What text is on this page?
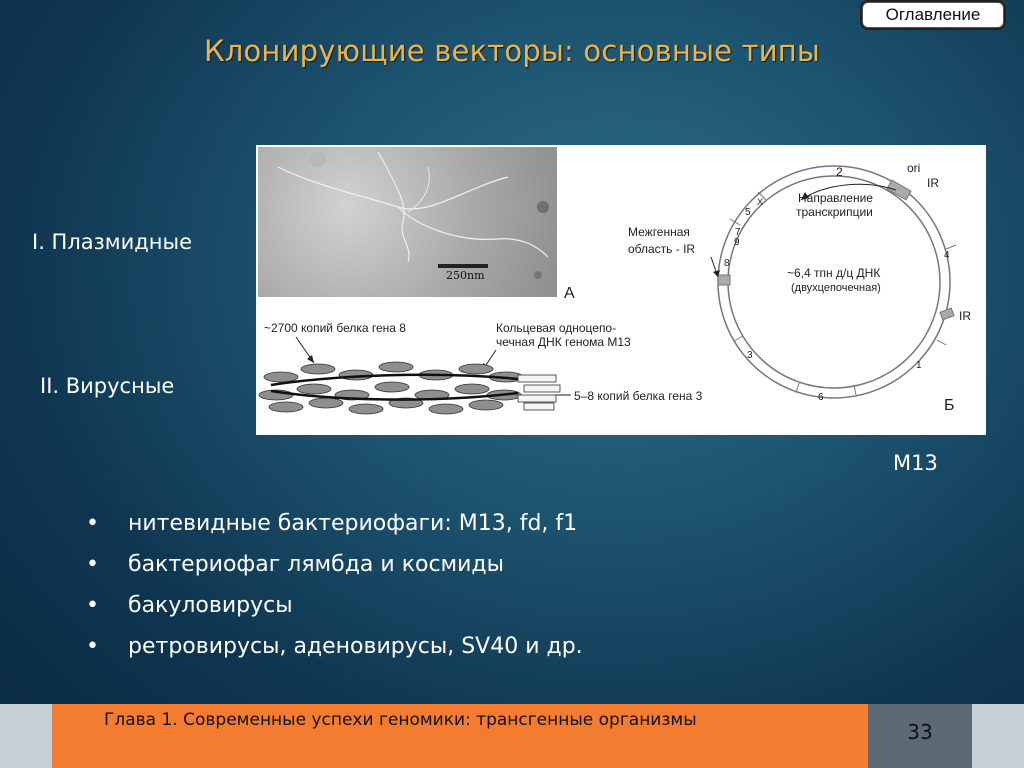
Оглавление
Клонирующие векторы: основные типы
I. Плазмидные
II. Вирусные
M13
250nm
А
~2700 копий белка гена 8	Кольцевая одноцепо-
чечная ДНК генома M13
5–8 копий белка гена 3
2
X
5
7
9
8
4
1
6
3
ori
IR
IR
Направление
транскрипции
Межгенная
область - IR
~6,4 тпн д/ц ДНК
(двухцепочечная)
Б
• нитевидные бактериофаги: M13, fd, f1
• бактериофаг лямбда и космиды
• бакуловирусы
• ретровирусы, аденовирусы, SV40 и др.
Глава 1. Современные успехи геномики: трансгенные организмы	33
